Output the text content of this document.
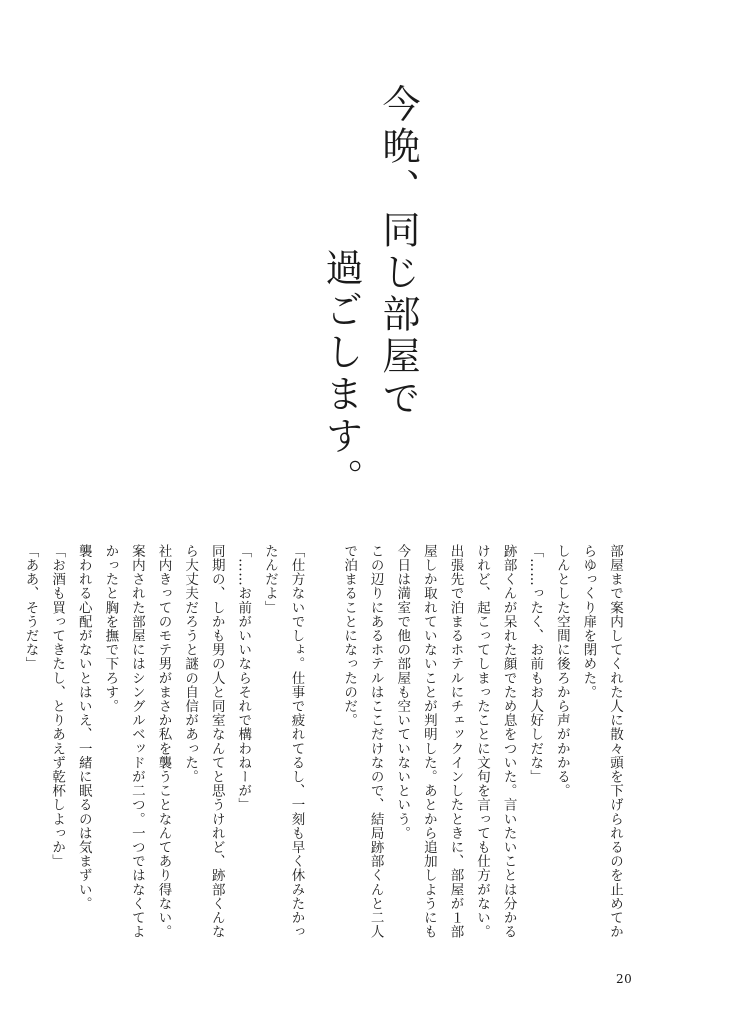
今晩、同じ部屋で
過ごします。

部屋まで案内してくれた人に散々頭を下げられるのを止めてからゆっくり扉を閉めた。

しんとした空間に後ろから声がかかる。

「……ったく、お前もお人好しだな」

跡部くんが呆れた顔でため息をついた。言いたいことは分かるけれど、起こってしまったことに文句を言っても仕方がない。

出張先で泊まるホテルにチェックインしたときに、部屋が１部屋しか取れていないことが判明した。あとから追加しようにも今日は満室で他の部屋も空いていないという。

この辺りにあるホテルはここだけなので、結局跡部くんと二人で泊まることになったのだ。

「仕方ないでしょ。仕事で疲れてるし、一刻も早く休みたかったんだよ」

「……お前がいいならそれで構わねーが」

同期の、しかも男の人と同室なんてと思うけれど、跡部くんなら大丈夫だろうと謎の自信があった。

社内きってのモテ男がまさか私を襲うことなんてあり得ない。

案内された部屋にはシングルベッドが二つ。一つではなくてよかったと胸を撫で下ろす。

襲われる心配がないとはいえ、一緒に眠るのは気まずい。

「お酒も買ってきたし、とりあえず乾杯しよっか」

「ああ、そうだな」

20
